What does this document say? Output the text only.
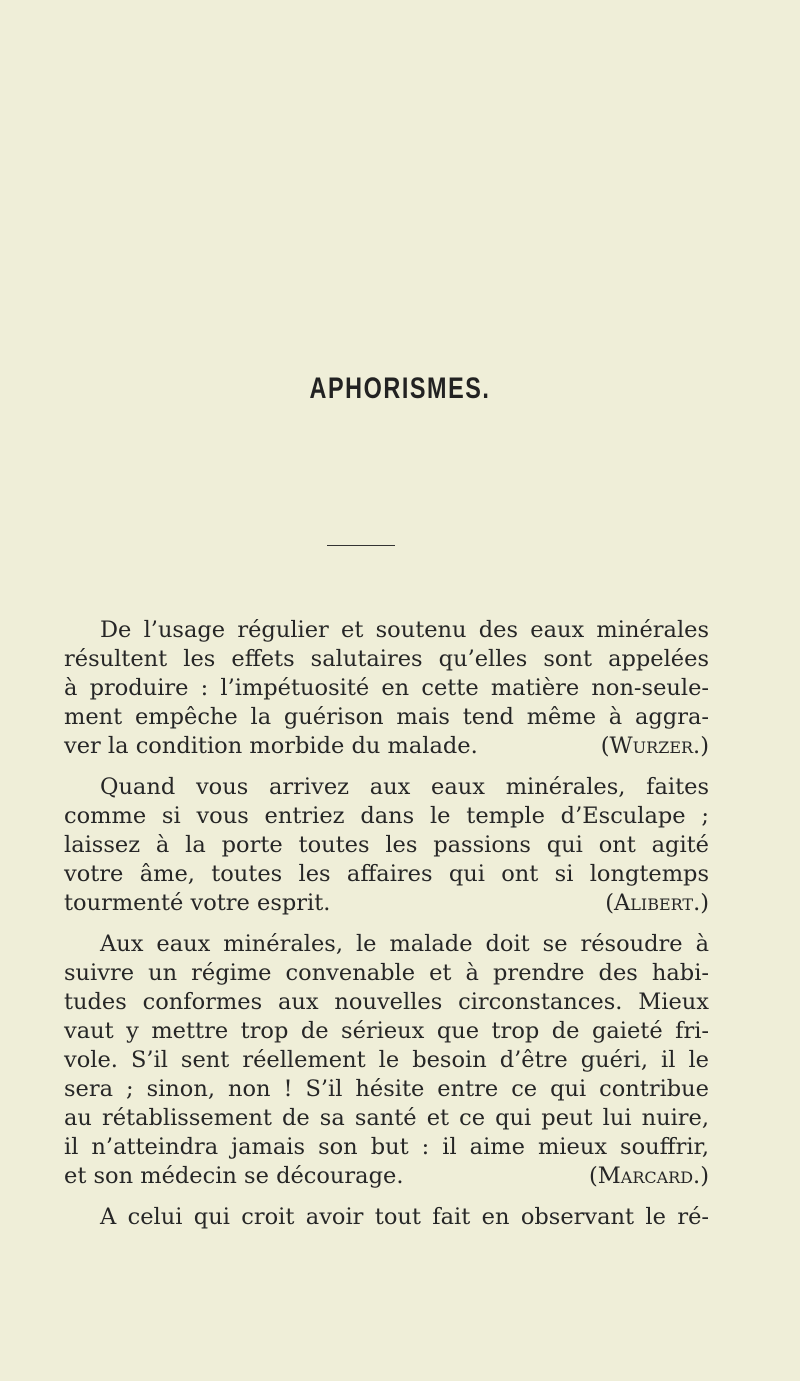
APHORISMES.
De l’usage régulier et soutenu des eaux minérales
résultent les effets salutaires qu’elles sont appelées
à produire : l’impétuosité en cette matière non-seule-
ment empêche la guérison mais tend même à aggra-
ver la condition morbide du malade.	(Wurzer.)
Quand vous arrivez aux eaux minérales, faites
comme si vous entriez dans le temple d’Esculape ;
laissez à la porte toutes les passions qui ont agité
votre âme, toutes les affaires qui ont si longtemps
tourmenté votre esprit.	(Alibert.)
Aux eaux minérales, le malade doit se résoudre à
suivre un régime convenable et à prendre des habi-
tudes conformes aux nouvelles circonstances. Mieux
vaut y mettre trop de sérieux que trop de gaieté fri-
vole. S’il sent réellement le besoin d’être guéri, il le
sera ; sinon, non ! S’il hésite entre ce qui contribue
au rétablissement de sa santé et ce qui peut lui nuire,
il n’atteindra jamais son but : il aime mieux souffrir,
et son médecin se décourage.	(Marcard.)
A celui qui croit avoir tout fait en observant le ré-
